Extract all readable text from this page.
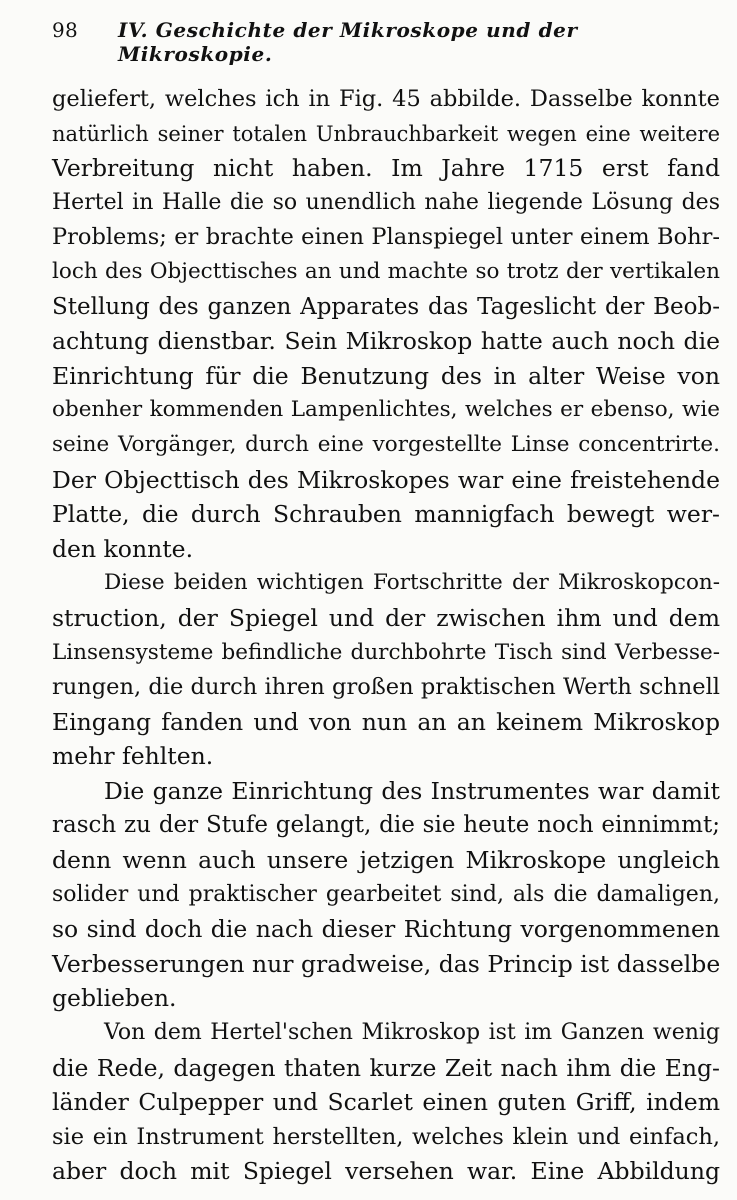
98	IV. Geschichte der Mikroskope und der Mikroskopie.
geliefert, welches ich in Fig. 45 abbilde. Dasselbe konnte
natürlich seiner totalen Unbrauchbarkeit wegen eine weitere
Verbreitung nicht haben. Im Jahre 1715 erst fand
Hertel in Halle die so unendlich nahe liegende Lösung des
Problems; er brachte einen Planspiegel unter einem Bohr-
loch des Objecttisches an und machte so trotz der vertikalen
Stellung des ganzen Apparates das Tageslicht der Beob-
achtung dienstbar. Sein Mikroskop hatte auch noch die
Einrichtung für die Benutzung des in alter Weise von
obenher kommenden Lampenlichtes, welches er ebenso, wie
seine Vorgänger, durch eine vorgestellte Linse concentrirte.
Der Objecttisch des Mikroskopes war eine freistehende
Platte, die durch Schrauben mannigfach bewegt wer-
den konnte.
Diese beiden wichtigen Fortschritte der Mikroskopcon-
struction, der Spiegel und der zwischen ihm und dem
Linsensysteme befindliche durchbohrte Tisch sind Verbesse-
rungen, die durch ihren großen praktischen Werth schnell
Eingang fanden und von nun an an keinem Mikroskop
mehr fehlten.
Die ganze Einrichtung des Instrumentes war damit
rasch zu der Stufe gelangt, die sie heute noch einnimmt;
denn wenn auch unsere jetzigen Mikroskope ungleich
solider und praktischer gearbeitet sind, als die damaligen,
so sind doch die nach dieser Richtung vorgenommenen
Verbesserungen nur gradweise, das Princip ist dasselbe
geblieben.
Von dem Hertel'schen Mikroskop ist im Ganzen wenig
die Rede, dagegen thaten kurze Zeit nach ihm die Eng-
länder Culpepper und Scarlet einen guten Griff, indem
sie ein Instrument herstellten, welches klein und einfach,
aber doch mit Spiegel versehen war. Eine Abbildung
